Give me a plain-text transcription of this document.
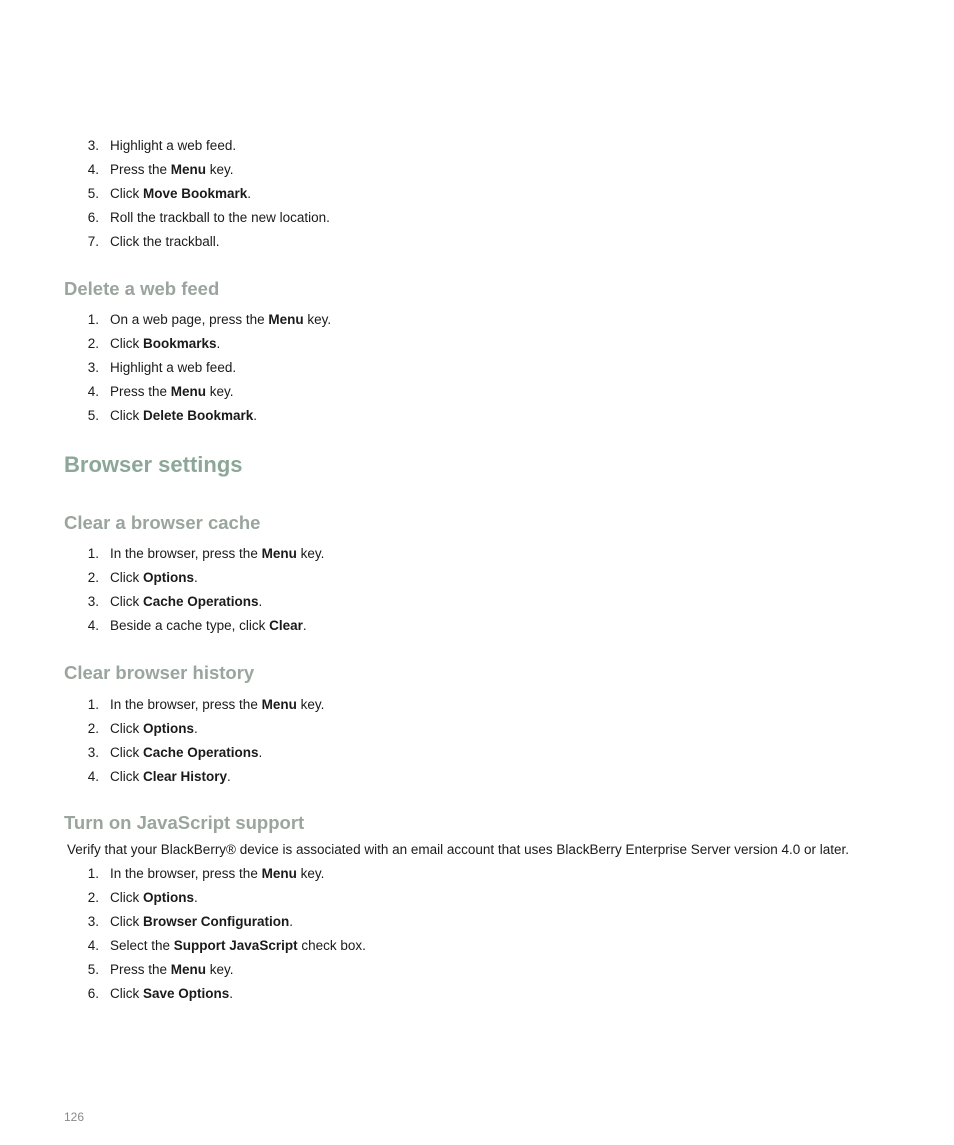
3. Highlight a web feed.
4. Press the Menu key.
5. Click Move Bookmark.
6. Roll the trackball to the new location.
7. Click the trackball.
Delete a web feed
1. On a web page, press the Menu key.
2. Click Bookmarks.
3. Highlight a web feed.
4. Press the Menu key.
5. Click Delete Bookmark.
Browser settings
Clear a browser cache
1. In the browser, press the Menu key.
2. Click Options.
3. Click Cache Operations.
4. Beside a cache type, click Clear.
Clear browser history
1. In the browser, press the Menu key.
2. Click Options.
3. Click Cache Operations.
4. Click Clear History.
Turn on JavaScript support

Verify that your BlackBerry® device is associated with an email account that uses BlackBerry Enterprise Server version 4.0 or later.

1. In the browser, press the Menu key.
2. Click Options.
3. Click Browser Configuration.
4. Select the Support JavaScript check box.
5. Press the Menu key.
6. Click Save Options.
126
